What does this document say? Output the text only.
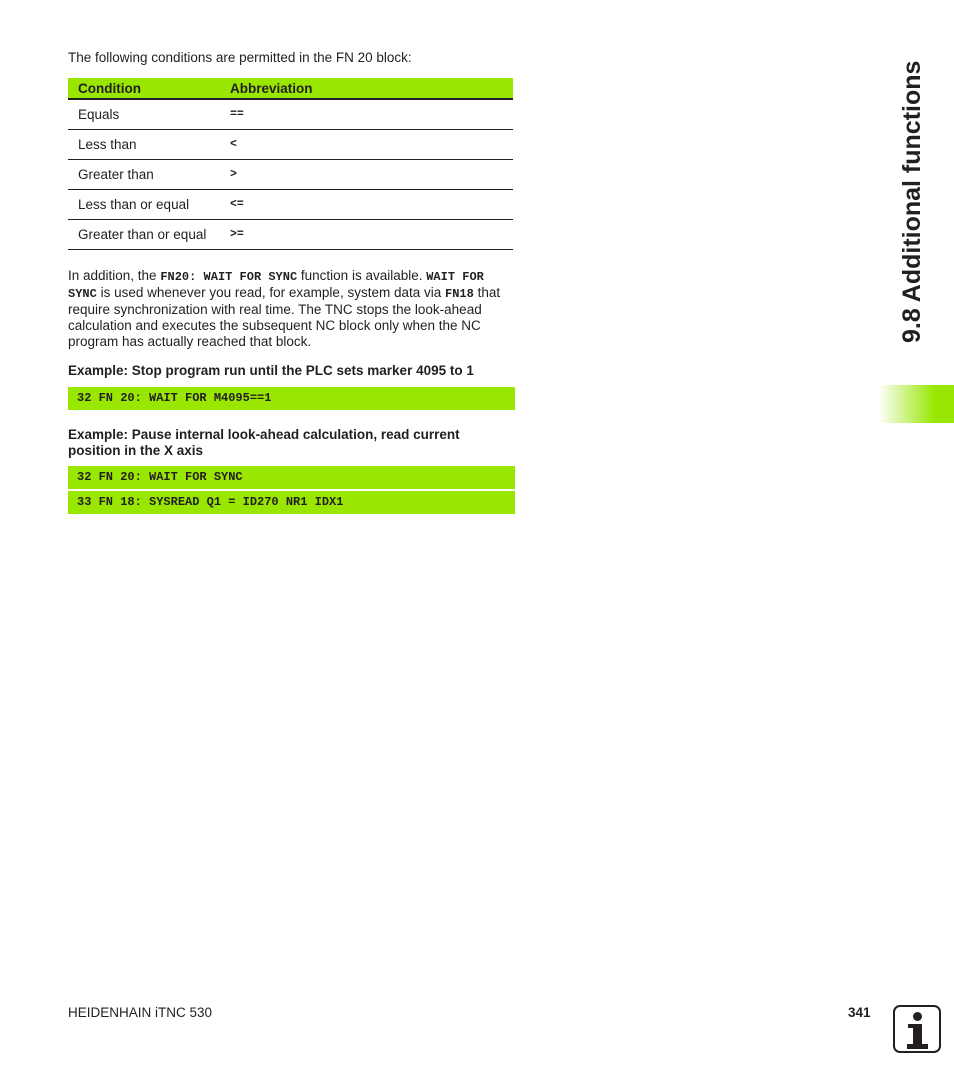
The following conditions are permitted in the FN 20 block:
Condition	Abbreviation
Equals	==
Less than	<
Greater than	>
Less than or equal	<=
Greater than or equal	>=
In addition, the FN20: WAIT FOR SYNC function is available. WAIT FOR SYNC is used whenever you read, for example, system data via FN18 that require synchronization with real time. The TNC stops the look-ahead calculation and executes the subsequent NC block only when the NC program has actually reached that block.
Example: Stop program run until the PLC sets marker 4095 to 1
32 FN 20: WAIT FOR M4095==1
Example: Pause internal look-ahead calculation, read current position in the X axis
32 FN 20: WAIT FOR SYNC
33 FN 18: SYSREAD Q1 = ID270 NR1 IDX1
9.8 Additional functions
HEIDENHAIN iTNC 530	341
